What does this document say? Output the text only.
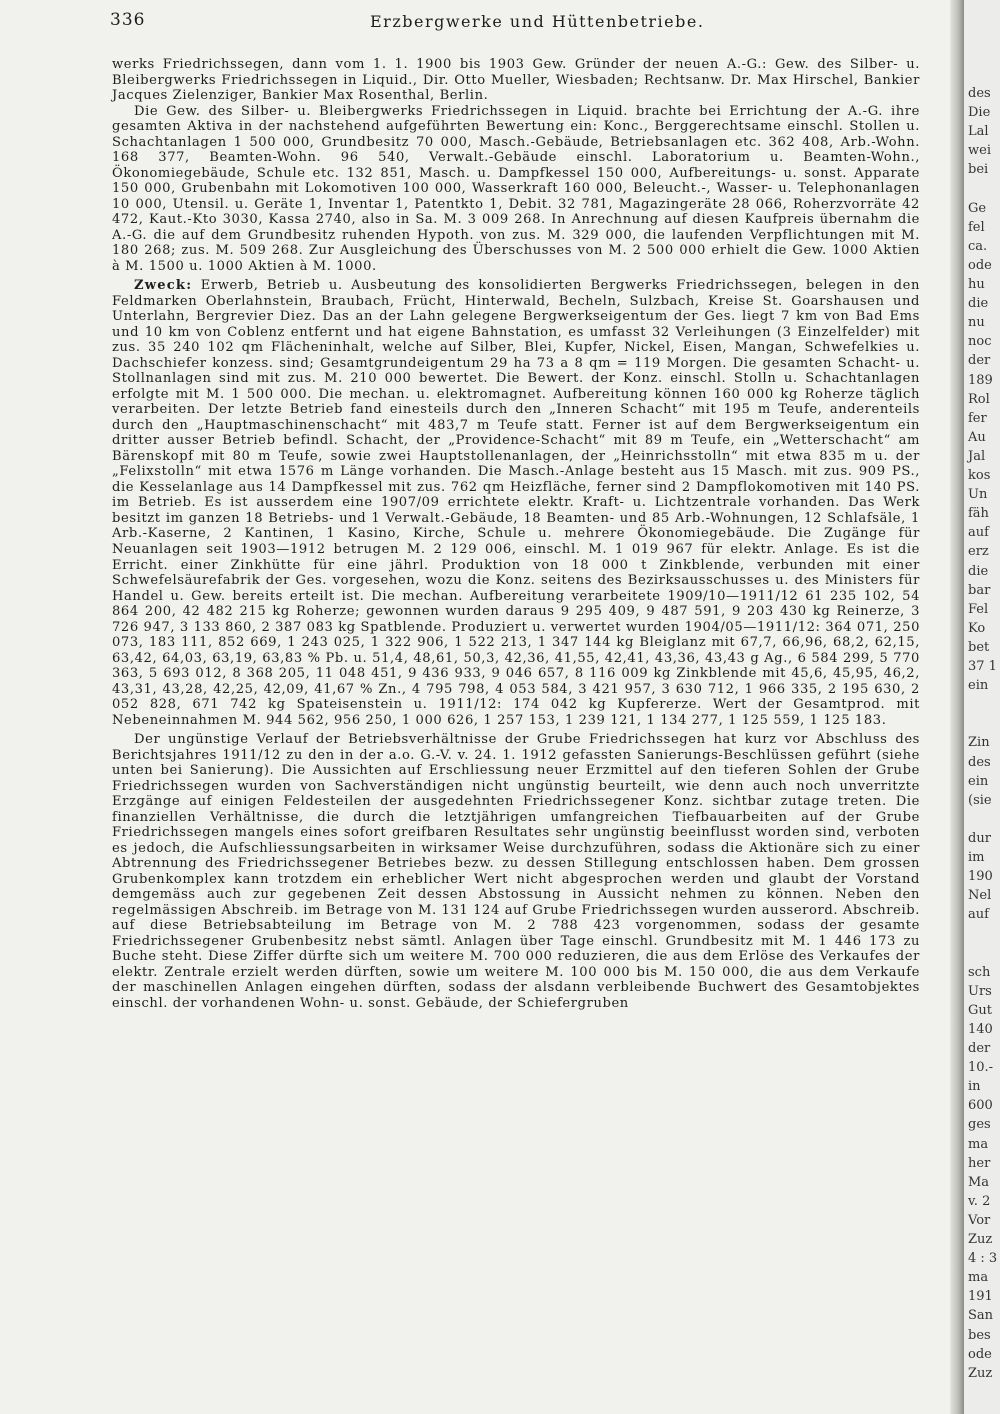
336	Erzbergwerke und Hüttenbetriebe.

werks Friedrichssegen, dann vom 1. 1. 1900 bis 1903 Gew. Gründer der neuen A.-G.: Gew. des Silber- u. Bleibergwerks Friedrichssegen in Liquid., Dir. Otto Mueller, Wiesbaden; Rechtsanw. Dr. Max Hirschel, Bankier Jacques Zielenziger, Bankier Max Rosenthal, Berlin.

Die Gew. des Silber- u. Bleibergwerks Friedrichssegen in Liquid. brachte bei Errichtung der A.-G. ihre gesamten Aktiva in der nachstehend aufgeführten Bewertung ein: Konc., Berggerechtsame einschl. Stollen u. Schachtanlagen 1 500 000, Grundbesitz 70 000, Masch.-Gebäude, Betriebsanlagen etc. 362 408, Arb.-Wohn. 168 377, Beamten-Wohn. 96 540, Verwalt.-Gebäude einschl. Laboratorium u. Beamten-Wohn., Ökonomiegebäude, Schule etc. 132 851, Masch. u. Dampfkessel 150 000, Aufbereitungs- u. sonst. Apparate 150 000, Grubenbahn mit Lokomotiven 100 000, Wasserkraft 160 000, Beleucht.-, Wasser- u. Telephonanlagen 10 000, Utensil. u. Geräte 1, Inventar 1, Patentkto 1, Debit. 32 781, Magazingeräte 28 066, Roherzvorräte 42 472, Kaut.-Kto 3030, Kassa 2740, also in Sa. M. 3 009 268. In Anrechnung auf diesen Kaufpreis übernahm die A.-G. die auf dem Grundbesitz ruhenden Hypoth. von zus. M. 329 000, die laufenden Verpflichtungen mit M. 180 268; zus. M. 509 268. Zur Ausgleichung des Überschusses von M. 2 500 000 erhielt die Gew. 1000 Aktien à M. 1500 u. 1000 Aktien à M. 1000.

Zweck: Erwerb, Betrieb u. Ausbeutung des konsolidierten Bergwerks Friedrichssegen, belegen in den Feldmarken Oberlahnstein, Braubach, Frücht, Hinterwald, Becheln, Sulzbach, Kreise St. Goarshausen und Unterlahn, Bergrevier Diez. Das an der Lahn gelegene Bergwerkseigentum der Ges. liegt 7 km von Bad Ems und 10 km von Coblenz entfernt und hat eigene Bahnstation, es umfasst 32 Verleihungen (3 Einzelfelder) mit zus. 35 240 102 qm Flächeninhalt, welche auf Silber, Blei, Kupfer, Nickel, Eisen, Mangan, Schwefelkies u. Dachschiefer konzess. sind; Gesamtgrundeigentum 29 ha 73 a 8 qm = 119 Morgen. Die gesamten Schacht- u. Stollnanlagen sind mit zus. M. 210 000 bewertet. Die Bewert. der Konz. einschl. Stolln u. Schachtanlagen erfolgte mit M. 1 500 000. Die mechan. u. elektromagnet. Aufbereitung können 160 000 kg Roherze täglich verarbeiten. Der letzte Betrieb fand einesteils durch den „Inneren Schacht“ mit 195 m Teufe, anderenteils durch den „Hauptmaschinenschacht“ mit 483,7 m Teufe statt. Ferner ist auf dem Bergwerkseigentum ein dritter ausser Betrieb befindl. Schacht, der „Providence-Schacht“ mit 89 m Teufe, ein „Wetterschacht“ am Bärenskopf mit 80 m Teufe, sowie zwei Hauptstollenanlagen, der „Heinrichsstolln“ mit etwa 835 m u. der „Felixstolln“ mit etwa 1576 m Länge vorhanden. Die Masch.-Anlage besteht aus 15 Masch. mit zus. 909 PS., die Kesselanlage aus 14 Dampfkessel mit zus. 762 qm Heizfläche, ferner sind 2 Dampflokomotiven mit 140 PS. im Betrieb. Es ist ausserdem eine 1907/09 errichtete elektr. Kraft- u. Lichtzentrale vorhanden. Das Werk besitzt im ganzen 18 Betriebs- und 1 Verwalt.-Gebäude, 18 Beamten- und 85 Arb.-Wohnungen, 12 Schlafsäle, 1 Arb.-Kaserne, 2 Kantinen, 1 Kasino, Kirche, Schule u. mehrere Ökonomiegebäude. Die Zugänge für Neuanlagen seit 1903—1912 betrugen M. 2 129 006, einschl. M. 1 019 967 für elektr. Anlage. Es ist die Erricht. einer Zinkhütte für eine jährl. Produktion von 18 000 t Zinkblende, verbunden mit einer Schwefelsäurefabrik der Ges. vorgesehen, wozu die Konz. seitens des Bezirksausschusses u. des Ministers für Handel u. Gew. bereits erteilt ist. Die mechan. Aufbereitung verarbeitete 1909/10—1911/12 61 235 102, 54 864 200, 42 482 215 kg Roherze; gewonnen wurden daraus 9 295 409, 9 487 591, 9 203 430 kg Reinerze, 3 726 947, 3 133 860, 2 387 083 kg Spatblende. Produziert u. verwertet wurden 1904/05—1911/12: 364 071, 250 073, 183 111, 852 669, 1 243 025, 1 322 906, 1 522 213, 1 347 144 kg Bleiglanz mit 67,7, 66,96, 68,2, 62,15, 63,42, 64,03, 63,19, 63,83 % Pb. u. 51,4, 48,61, 50,3, 42,36, 41,55, 42,41, 43,36, 43,43 g Ag., 6 584 299, 5 770 363, 5 693 012, 8 368 205, 11 048 451, 9 436 933, 9 046 657, 8 116 009 kg Zinkblende mit 45,6, 45,95, 46,2, 43,31, 43,28, 42,25, 42,09, 41,67 % Zn., 4 795 798, 4 053 584, 3 421 957, 3 630 712, 1 966 335, 2 195 630, 2 052 828, 671 742 kg Spateisenstein u. 1911/12: 174 042 kg Kupfererze. Wert der Gesamtprod. mit Nebeneinnahmen M. 944 562, 956 250, 1 000 626, 1 257 153, 1 239 121, 1 134 277, 1 125 559, 1 125 183.

Der ungünstige Verlauf der Betriebsverhältnisse der Grube Friedrichssegen hat kurz vor Abschluss des Berichtsjahres 1911/12 zu den in der a.o. G.-V. v. 24. 1. 1912 gefassten Sanierungs-Beschlüssen geführt (siehe unten bei Sanierung). Die Aussichten auf Erschliessung neuer Erzmittel auf den tieferen Sohlen der Grube Friedrichssegen wurden von Sachverständigen nicht ungünstig beurteilt, wie denn auch noch unverritzte Erzgänge auf einigen Feldesteilen der ausgedehnten Friedrichssegener Konz. sichtbar zutage treten. Die finanziellen Verhältnisse, die durch die letztjährigen umfangreichen Tiefbauarbeiten auf der Grube Friedrichssegen mangels eines sofort greifbaren Resultates sehr ungünstig beeinflusst worden sind, verboten es jedoch, die Aufschliessungsarbeiten in wirksamer Weise durchzuführen, sodass die Aktionäre sich zu einer Abtrennung des Friedrichssegener Betriebes bezw. zu dessen Stillegung entschlossen haben. Dem grossen Grubenkomplex kann trotzdem ein erheblicher Wert nicht abgesprochen werden und glaubt der Vorstand demgemäss auch zur gegebenen Zeit dessen Abstossung in Aussicht nehmen zu können. Neben den regelmässigen Abschreib. im Betrage von M. 131 124 auf Grube Friedrichssegen wurden ausserord. Abschreib. auf diese Betriebsabteilung im Betrage von M. 2 788 423 vorgenommen, sodass der gesamte Friedrichssegener Grubenbesitz nebst sämtl. Anlagen über Tage einschl. Grundbesitz mit M. 1 446 173 zu Buche steht. Diese Ziffer dürfte sich um weitere M. 700 000 reduzieren, die aus dem Erlöse des Verkaufes der elektr. Zentrale erzielt werden dürften, sowie um weitere M. 100 000 bis M. 150 000, die aus dem Verkaufe der maschinellen Anlagen eingehen dürften, sodass der alsdann verbleibende Buchwert des Gesamtobjektes einschl. der vorhandenen Wohn- u. sonst. Gebäude, der Schiefergruben

des
Die
Lal
wei
bei
Ge
fel
ca.
ode
hu
die
nu
noc
der
189
Rol
fer
Au
Jal
kos
Un
fäh
auf
erz
die
bar
Fel
Ko
bet
37 1
ein
Zin
des
ein
(sie
dur
im
190
Nel
auf
sch
Urs
Gut
140
der
10.-
in
600
ges
ma
her
Ma
v. 2
Vor
Zuz
4 : 3
ma
191
San
bes
ode
Zuz
